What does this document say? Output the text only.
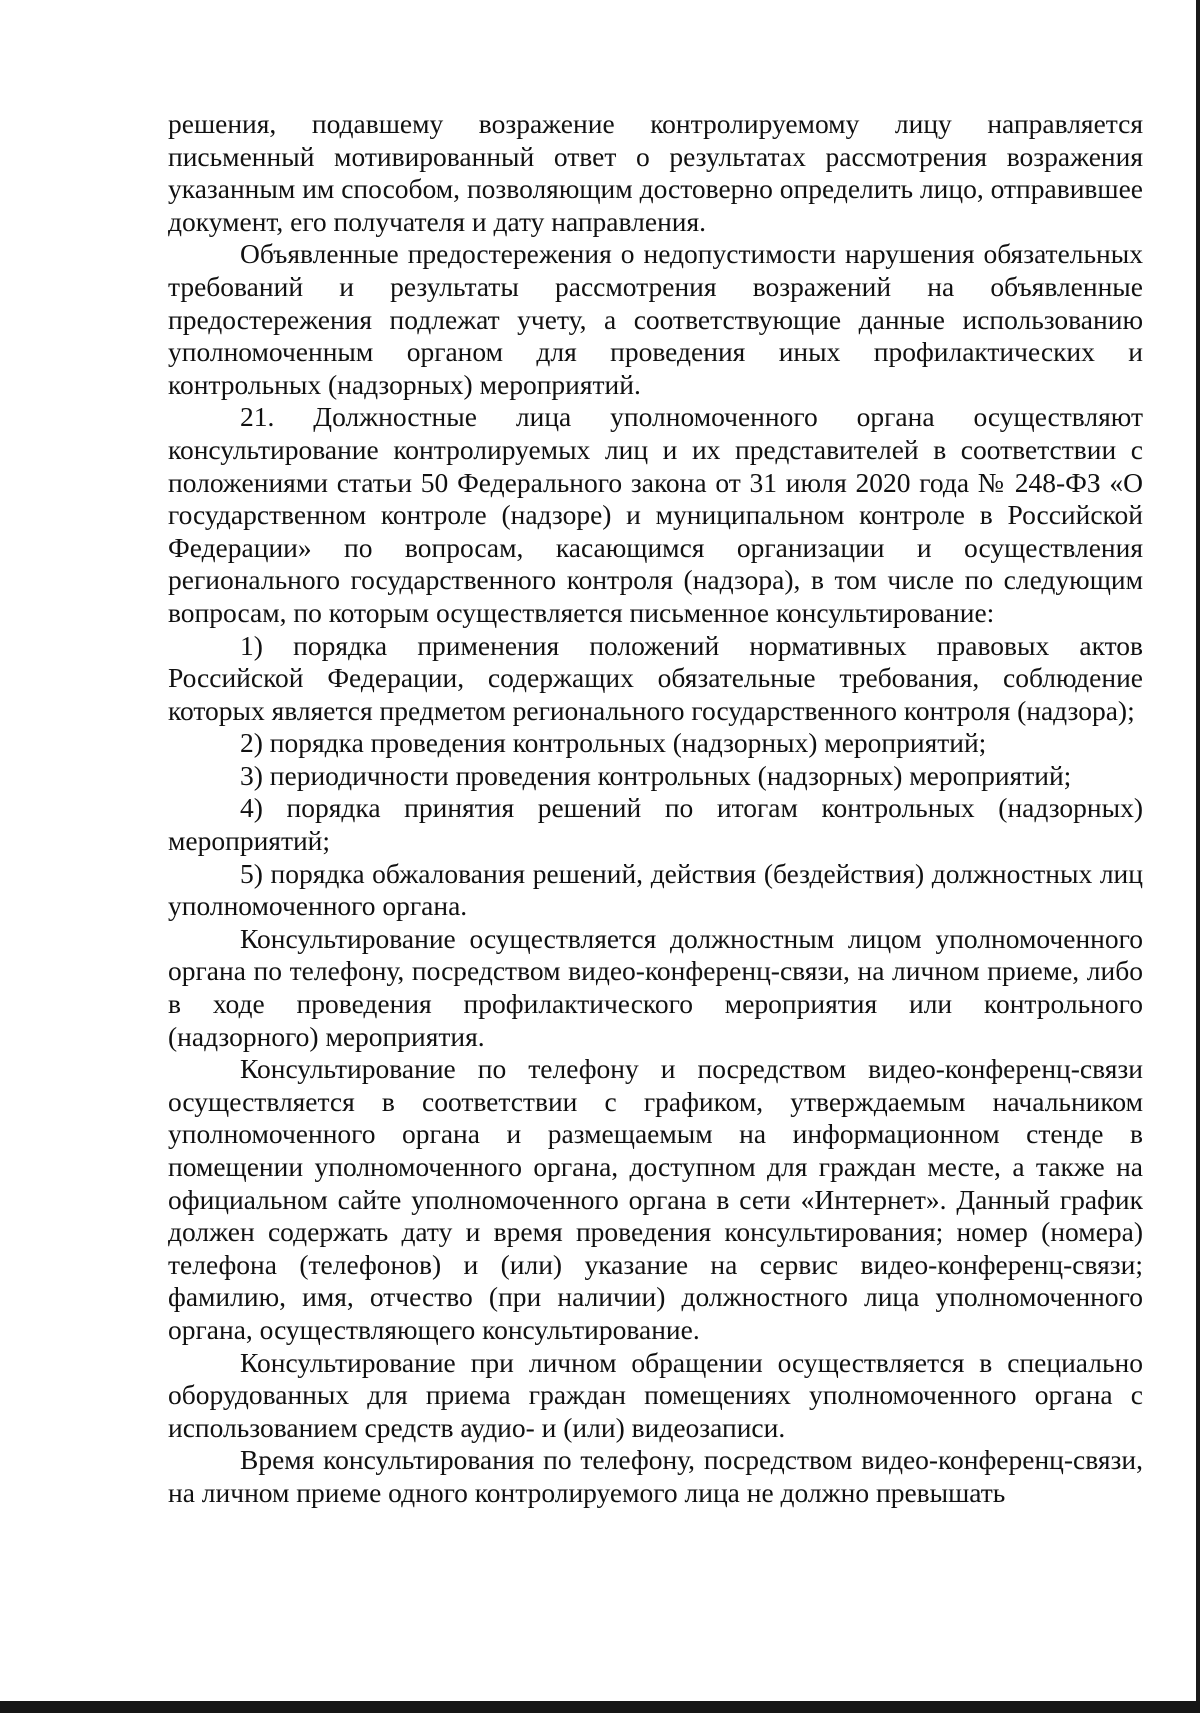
решения, подавшему возражение контролируемому лицу направляется письменный мотивированный ответ о результатах рассмотрения возражения указанным им способом, позволяющим достоверно определить лицо, отправившее документ, его получателя и дату направления.

Объявленные предостережения о недопустимости нарушения обязательных требований и результаты рассмотрения возражений на объявленные предостережения подлежат учету, а соответствующие данные использованию уполномоченным органом для проведения иных профилактических и контрольных (надзорных) мероприятий.

21. Должностные лица уполномоченного органа осуществляют консультирование контролируемых лиц и их представителей в соответствии с положениями статьи 50 Федерального закона от 31 июля 2020 года № 248-ФЗ «О государственном контроле (надзоре) и муниципальном контроле в Российской Федерации» по вопросам, касающимся организации и осуществления регионального государственного контроля (надзора), в том числе по следующим вопросам, по которым осуществляется письменное консультирование:

1) порядка применения положений нормативных правовых актов Российской Федерации, содержащих обязательные требования, соблюдение которых является предметом регионального государственного контроля (надзора);

2) порядка проведения контрольных (надзорных) мероприятий;

3) периодичности проведения контрольных (надзорных) мероприятий;

4) порядка принятия решений по итогам контрольных (надзорных) мероприятий;

5) порядка обжалования решений, действия (бездействия) должностных лиц уполномоченного органа.

Консультирование осуществляется должностным лицом уполномоченного органа по телефону, посредством видео-конференц-связи, на личном приеме, либо в ходе проведения профилактического мероприятия или контрольного (надзорного) мероприятия.

Консультирование по телефону и посредством видео-конференц-связи осуществляется в соответствии с графиком, утверждаемым начальником уполномоченного органа и размещаемым на информационном стенде в помещении уполномоченного органа, доступном для граждан месте, а также на официальном сайте уполномоченного органа в сети «Интернет». Данный график должен содержать дату и время проведения консультирования; номер (номера) телефона (телефонов) и (или) указание на сервис видео-конференц-связи; фамилию, имя, отчество (при наличии) должностного лица уполномоченного органа, осуществляющего консультирование.

Консультирование при личном обращении осуществляется в специально оборудованных для приема граждан помещениях уполномоченного органа с использованием средств аудио- и (или) видеозаписи.

Время консультирования по телефону, посредством видео-конференц-связи, на личном приеме одного контролируемого лица не должно превышать
